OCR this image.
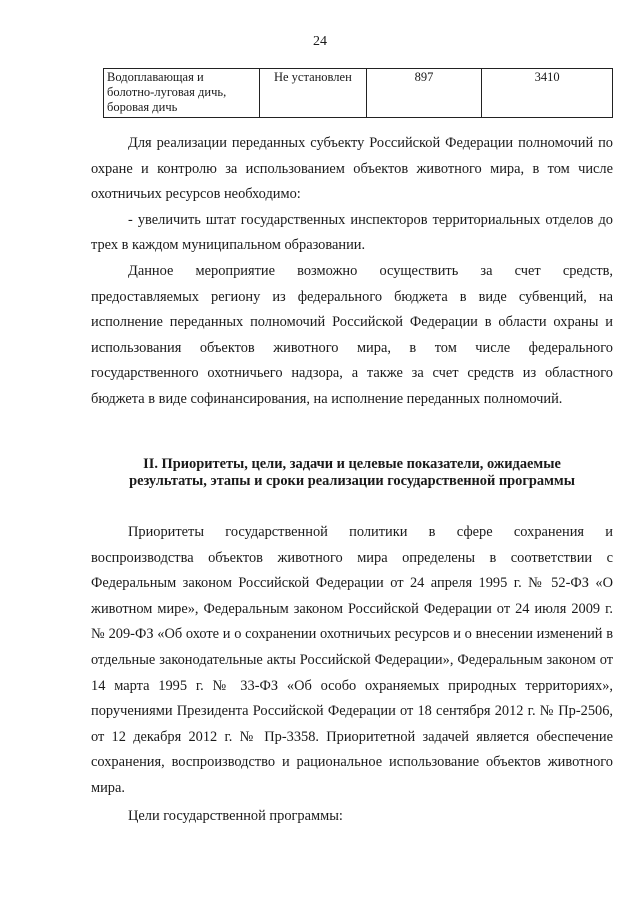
24
Водоплавающая и
болотно-луговая дичь,
боровая дичь	Не установлен	897	3410

Для реализации переданных субъекту Российской Федерации полномочий по охране и контролю за использованием объектов животного мира, в том числе охотничьих ресурсов необходимо:

- увеличить штат государственных инспекторов территориальных отделов до трех в каждом муниципальном образовании.

Данное мероприятие возможно осуществить за счет средств, предоставляемых региону из федерального бюджета в виде субвенций, на исполнение переданных полномочий Российской Федерации в области охраны и использования объектов животного мира, в том числе федерального государственного охотничьего надзора, а также за счет средств из областного бюджета в виде софинансирования, на исполнение переданных полномочий.

II. Приоритеты, цели, задачи и целевые показатели, ожидаемые

результаты, этапы и сроки реализации государственной программы

Приоритеты государственной политики в сфере сохранения и воспроизводства объектов животного мира определены в соответствии с Федеральным законом Российской Федерации от 24 апреля 1995 г. № 52-ФЗ «О животном мире», Федеральным законом Российской Федерации от 24 июля 2009 г. № 209-ФЗ «Об охоте и о сохранении охотничьих ресурсов и о внесении изменений в отдельные законодательные акты Российской Федерации», Федеральным законом от 14 марта 1995 г. № 33-ФЗ «Об особо охраняемых природных территориях», поручениями Президента Российской Федерации от 18 сентября 2012 г. № Пр-2506, от 12 декабря 2012 г. № Пр-3358. Приоритетной задачей является обеспечение сохранения, воспроизводство и рациональное использование объектов животного мира.

Цели государственной программы:
